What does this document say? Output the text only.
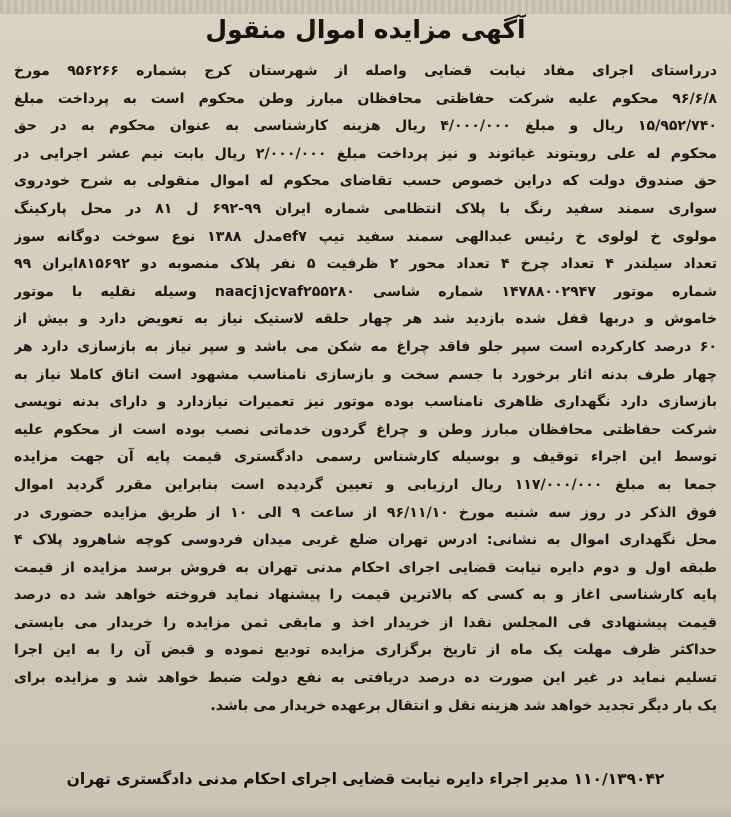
آگهی مزایده اموال منقول
درراستای اجرای مفاد نیابت قضایی واصله از شهرستان کرج بشماره ۹۵۶۲۶۶ مورخ
۹۶/۶/۸ محکوم علیه شرکت حفاظتی محافظان مبارز وطن محکوم است به پرداخت مبلغ
۱۵/۹۵۲/۷۴۰ ریال و مبلغ ۴/۰۰۰/۰۰۰ ریال هزینه کارشناسی به عنوان محکوم به در حق
محکوم له علی رویتوند غیاثوند و نیز پرداخت مبلغ ۲/۰۰۰/۰۰۰ ریال بابت نیم عشر اجرایی در
حق صندوق دولت که دراین خصوص حسب تقاضای محکوم له اموال منقولی به شرح خودروی
سواری سمند سفید رنگ با پلاک انتظامی شماره ایران ۹۹-۶۹۲ ل ۸۱ در محل پارکینگ
مولوی خ لولوی خ رئیس عبدالهی سمند سفید تیپ ef۷مدل ۱۳۸۸ نوع سوخت دوگانه سوز
تعداد سیلندر ۴ تعداد چرخ ۴ تعداد محور ۲ ظرفیت ۵ نفر پلاک منصوبه دو ۸۱۵۶۹۲ایران ۹۹
شماره موتور ۱۴۷۸۸۰۰۲۹۴۷ شماره شاسی naacj۱jc۷af۲۵۵۲۸۰ وسیله نقلیه با موتور
خاموش و دربها قفل شده بازدید شد هر چهار حلقه لاستیک نیاز به تعویض دارد و بیش از
۶۰ درصد کارکرده است سپر جلو فاقد چراغ مه شکن می باشد و سپر نیاز به بازسازی دارد هر
چهار طرف بدنه اثار برخورد با جسم سخت و بازسازی نامناسب مشهود است اتاق کاملا نیاز به
بازسازی دارد نگهداری ظاهری نامناسب بوده موتور نیز تعمیرات نیازدارد و دارای بدنه نویسی
شرکت حفاظتی محافظان مبارز وطن و چراغ گردون خدماتی نصب بوده است از محکوم علیه
توسط این اجراء توقیف و بوسیله کارشناس رسمی دادگستری قیمت پایه آن جهت مزایده
جمعا به مبلغ ۱۱۷/۰۰۰/۰۰۰ ریال ارزیابی و تعیین گردیده است بنابراین مقرر گردید اموال
فوق الذکر در روز سه شنبه مورخ ۹۶/۱۱/۱۰ از ساعت ۹ الی ۱۰ از طریق مزایده حضوری در
محل نگهداری اموال به نشانی: ادرس تهران ضلع غربی میدان فردوسی کوچه شاهرود پلاک ۴
طبقه اول و دوم دایره نیابت قضایی اجرای احکام مدنی تهران به فروش برسد مزایده از قیمت
پایه کارشناسی اغاز و به کسی که بالاترین قیمت را پیشنهاد نماید فروخته خواهد شد ده درصد
قیمت پیشنهادی فی المجلس نقدا از خریدار اخذ و مابقی ثمن مزایده را خریدار می بایستی
حداکثر ظرف مهلت یک ماه از تاریخ برگزاری مزایده تودیع نموده و قبض آن را به این اجرا
تسلیم نماید در غیر این صورت ده درصد دریافتی به نفع دولت ضبط خواهد شد و مزایده برای
یک بار دیگر تجدید خواهد شد هزینه نقل و انتقال برعهده خریدار می باشد.
۱۱۰/۱۳۹۰۴۲ مدیر اجراء دایره نیابت قضایی اجرای احکام مدنی دادگستری تهران
